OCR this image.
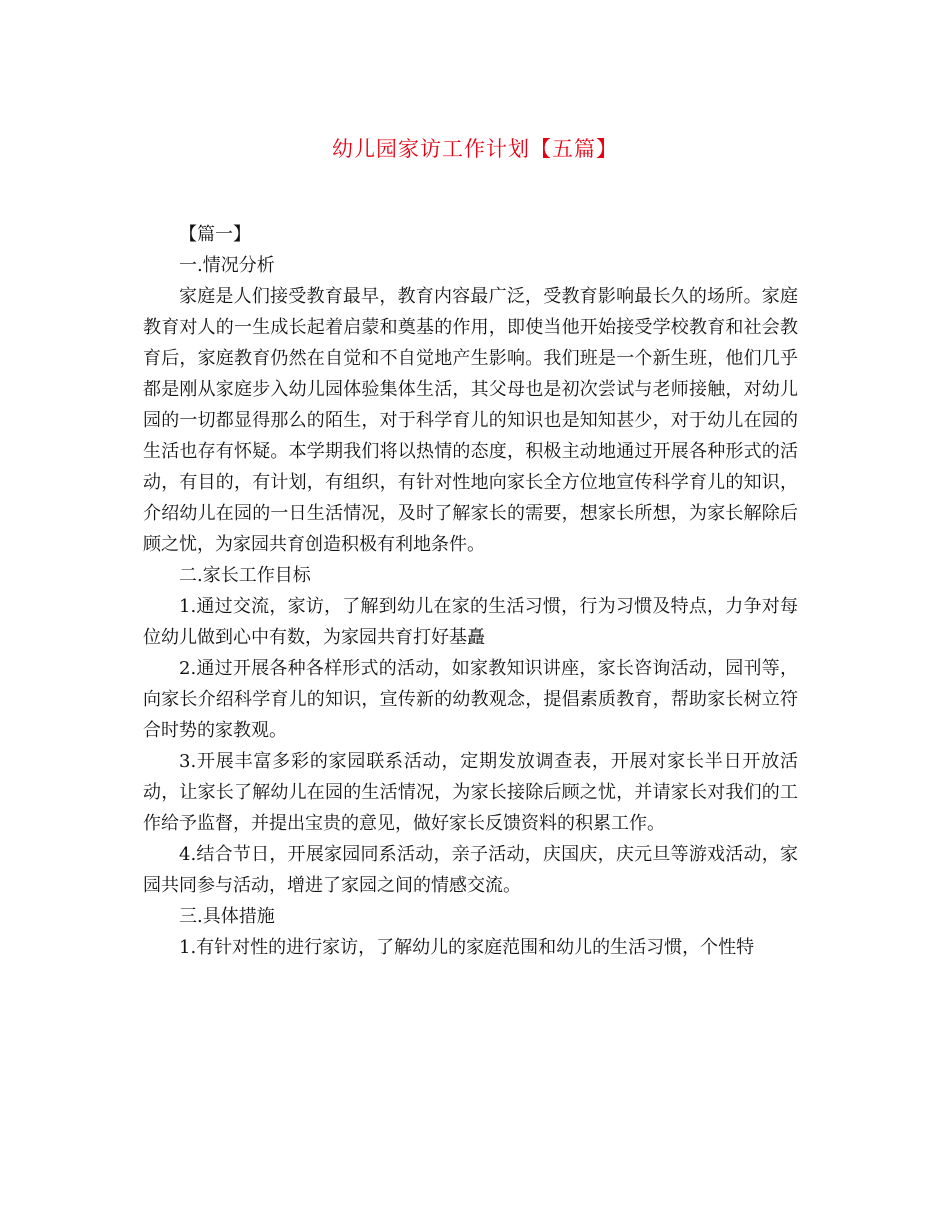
幼儿园家访工作计划【五篇】

【篇一】

一.情况分析

家庭是人们接受教育最早，教育内容最广泛，受教育影响最长久的场所。家庭教育对人的一生成长起着启蒙和奠基的作用，即使当他开始接受学校教育和社会教育后，家庭教育仍然在自觉和不自觉地产生影响。我们班是一个新生班，他们几乎都是刚从家庭步入幼儿园体验集体生活，其父母也是初次尝试与老师接触，对幼儿园的一切都显得那么的陌生，对于科学育儿的知识也是知知甚少，对于幼儿在园的生活也存有怀疑。本学期我们将以热情的态度，积极主动地通过开展各种形式的活动，有目的，有计划，有组织，有针对性地向家长全方位地宣传科学育儿的知识，介绍幼儿在园的一日生活情况，及时了解家长的需要，想家长所想，为家长解除后顾之忧，为家园共育创造积极有利地条件。

二.家长工作目标

1.通过交流，家访，了解到幼儿在家的生活习惯，行为习惯及特点，力争对每位幼儿做到心中有数，为家园共育打好基矗

2.通过开展各种各样形式的活动，如家教知识讲座，家长咨询活动，园刊等，向家长介绍科学育儿的知识，宣传新的幼教观念，提倡素质教育，帮助家长树立符合时势的家教观。

3.开展丰富多彩的家园联系活动，定期发放调查表，开展对家长半日开放活动，让家长了解幼儿在园的生活情况，为家长接除后顾之忧，并请家长对我们的工作给予监督，并提出宝贵的意见，做好家长反馈资料的积累工作。

4.结合节日，开展家园同系活动，亲子活动，庆国庆，庆元旦等游戏活动，家园共同参与活动，增进了家园之间的情感交流。

三.具体措施

1.有针对性的进行家访，了解幼儿的家庭范围和幼儿的生活习惯，个性特
